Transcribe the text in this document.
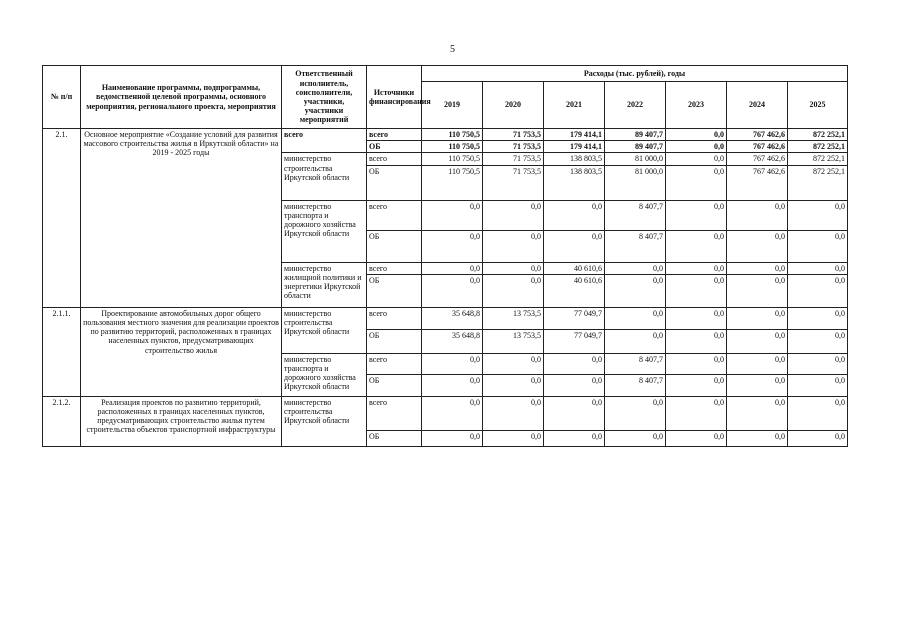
5
№ п/п	Наименование программы, подпрограммы, ведомственной целевой программы, основного мероприятия, регионального проекта, мероприятия	Ответственный исполнитель, соисполнители, участники, участники мероприятий	Источники финансирования	Расходы (тыс. рублей), годы						
				2019	2020	2021	2022	2023	2024	2025
2.1.	Основное мероприятие «Создание условий для развития массового строительства жилья в Иркутской области» на 2019 - 2025 годы	всего	всего	110 750,5	71 753,5	179 414,1	89 407,7	0,0	767 462,6	872 252,1
			ОБ	110 750,5	71 753,5	179 414,1	89 407,7	0,0	767 462,6	872 252,1
		министерство строительства Иркутской области	всего	110 750,5	71 753,5	138 803,5	81 000,0	0,0	767 462,6	872 252,1
			ОБ	110 750,5	71 753,5	138 803,5	81 000,0	0,0	767 462,6	872 252,1
		министерство транспорта и дорожного хозяйства Иркутской области	всего	0,0	0,0	0,0	8 407,7	0,0	0,0	0,0
			ОБ	0,0	0,0	0,0	8 407,7	0,0	0,0	0,0
		министерство жилищной политики и энергетики Иркутской области	всего	0,0	0,0	40 610,6	0,0	0,0	0,0	0,0
			ОБ	0,0	0,0	40 610,6	0,0	0,0	0,0	0,0
2.1.1.	Проектирование автомобильных дорог общего пользования местного значения для реализации проектов по развитию территорий, расположенных в границах населенных пунктов, предусматривающих строительство жилья	министерство строительства Иркутской области	всего	35 648,8	13 753,5	77 049,7	0,0	0,0	0,0	0,0
			ОБ	35 648,8	13 753,5	77 049,7	0,0	0,0	0,0	0,0
		министерство транспорта и дорожного хозяйства Иркутской области	всего	0,0	0,0	0,0	8 407,7	0,0	0,0	0,0
			ОБ	0,0	0,0	0,0	8 407,7	0,0	0,0	0,0
2.1.2.	Реализация проектов по развитию территорий, расположенных в границах населенных пунктов, предусматривающих строительство жилья путем строительства объектов транспортной инфраструктуры	министерство строительства Иркутской области	всего	0,0	0,0	0,0	0,0	0,0	0,0	0,0
			ОБ	0,0	0,0	0,0	0,0	0,0	0,0	0,0
